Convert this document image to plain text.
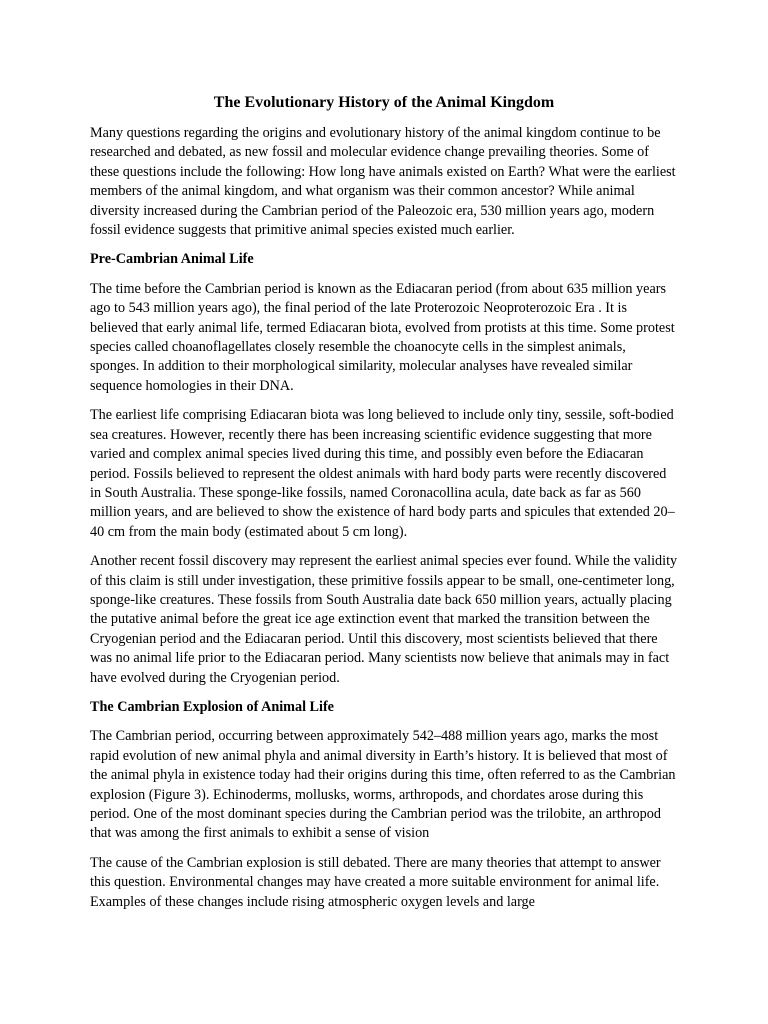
The Evolutionary History of the Animal Kingdom

Many questions regarding the origins and evolutionary history of the animal kingdom continue to be researched and debated, as new fossil and molecular evidence change prevailing theories. Some of these questions include the following: How long have animals existed on Earth? What were the earliest members of the animal kingdom, and what organism was their common ancestor? While animal diversity increased during the Cambrian period of the Paleozoic era, 530 million years ago, modern fossil evidence suggests that primitive animal species existed much earlier.

Pre-Cambrian Animal Life

The time before the Cambrian period is known as the Ediacaran period (from about 635 million years ago to 543 million years ago), the final period of the late Proterozoic Neoproterozoic Era . It is believed that early animal life, termed Ediacaran biota, evolved from protists at this time. Some protest species called choanoflagellates closely resemble the choanocyte cells in the simplest animals, sponges. In addition to their morphological similarity, molecular analyses have revealed similar sequence homologies in their DNA.

The earliest life comprising Ediacaran biota was long believed to include only tiny, sessile, soft-bodied sea creatures. However, recently there has been increasing scientific evidence suggesting that more varied and complex animal species lived during this time, and possibly even before the Ediacaran period. Fossils believed to represent the oldest animals with hard body parts were recently discovered in South Australia. These sponge-like fossils, named Coronacollina acula, date back as far as 560 million years, and are believed to show the existence of hard body parts and spicules that extended 20–40 cm from the main body (estimated about 5 cm long).

Another recent fossil discovery may represent the earliest animal species ever found. While the validity of this claim is still under investigation, these primitive fossils appear to be small, one-centimeter long, sponge-like creatures. These fossils from South Australia date back 650 million years, actually placing the putative animal before the great ice age extinction event that marked the transition between the Cryogenian period and the Ediacaran period. Until this discovery, most scientists believed that there was no animal life prior to the Ediacaran period. Many scientists now believe that animals may in fact have evolved during the Cryogenian period.

The Cambrian Explosion of Animal Life

The Cambrian period, occurring between approximately 542–488 million years ago, marks the most rapid evolution of new animal phyla and animal diversity in Earth’s history. It is believed that most of the animal phyla in existence today had their origins during this time, often referred to as the Cambrian explosion (Figure 3). Echinoderms, mollusks, worms, arthropods, and chordates arose during this period. One of the most dominant species during the Cambrian period was the trilobite, an arthropod that was among the first animals to exhibit a sense of vision

The cause of the Cambrian explosion is still debated. There are many theories that attempt to answer this question. Environmental changes may have created a more suitable environment for animal life. Examples of these changes include rising atmospheric oxygen levels and large
